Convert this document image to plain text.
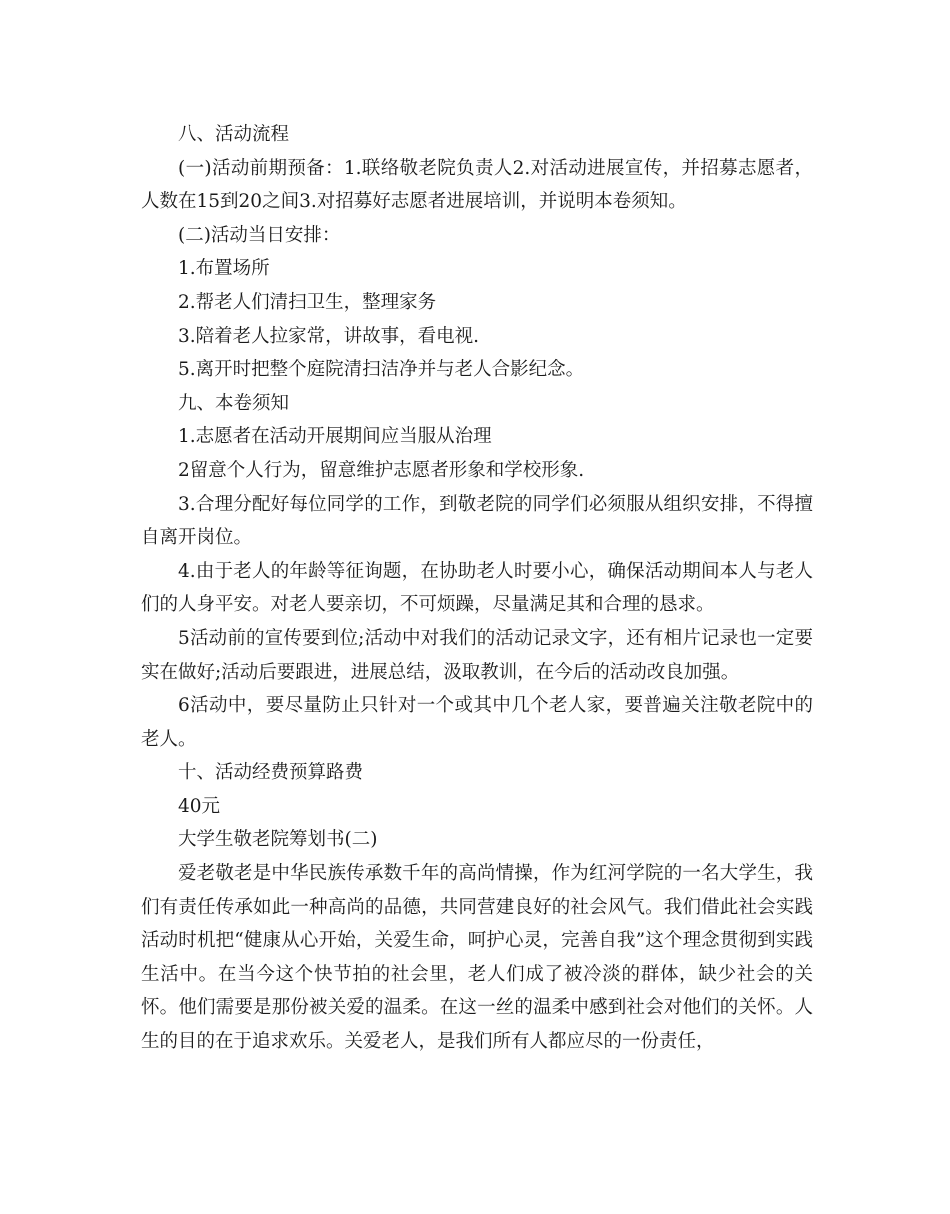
八、活动流程

(一)活动前期预备：1.联络敬老院负责人2.对活动进展宣传，并招募志愿者，人数在15到20之间3.对招募好志愿者进展培训，并说明本卷须知。

(二)活动当日安排：

1.布置场所

2.帮老人们清扫卫生，整理家务

3.陪着老人拉家常，讲故事，看电视.

5.离开时把整个庭院清扫洁净并与老人合影纪念。

九、本卷须知

1.志愿者在活动开展期间应当服从治理

2留意个人行为，留意维护志愿者形象和学校形象.

3.合理分配好每位同学的工作，到敬老院的同学们必须服从组织安排，不得擅自离开岗位。

4.由于老人的年龄等征询题，在协助老人时要小心，确保活动期间本人与老人们的人身平安。对老人要亲切，不可烦躁，尽量满足其和合理的恳求。

5活动前的宣传要到位;活动中对我们的活动记录文字，还有相片记录也一定要实在做好;活动后要跟进，进展总结，汲取教训，在今后的活动改良加强。

6活动中，要尽量防止只针对一个或其中几个老人家，要普遍关注敬老院中的老人。

十、活动经费预算路费

40元

大学生敬老院筹划书(二)

爱老敬老是中华民族传承数千年的高尚情操，作为红河学院的一名大学生，我们有责任传承如此一种高尚的品德，共同营建良好的社会风气。我们借此社会实践活动时机把“健康从心开始，关爱生命，呵护心灵，完善自我”这个理念贯彻到实践生活中。在当今这个快节拍的社会里，老人们成了被冷淡的群体，缺少社会的关怀。他们需要是那份被关爱的温柔。在这一丝的温柔中感到社会对他们的关怀。人生的目的在于追求欢乐。关爱老人，是我们所有人都应尽的一份责任，
